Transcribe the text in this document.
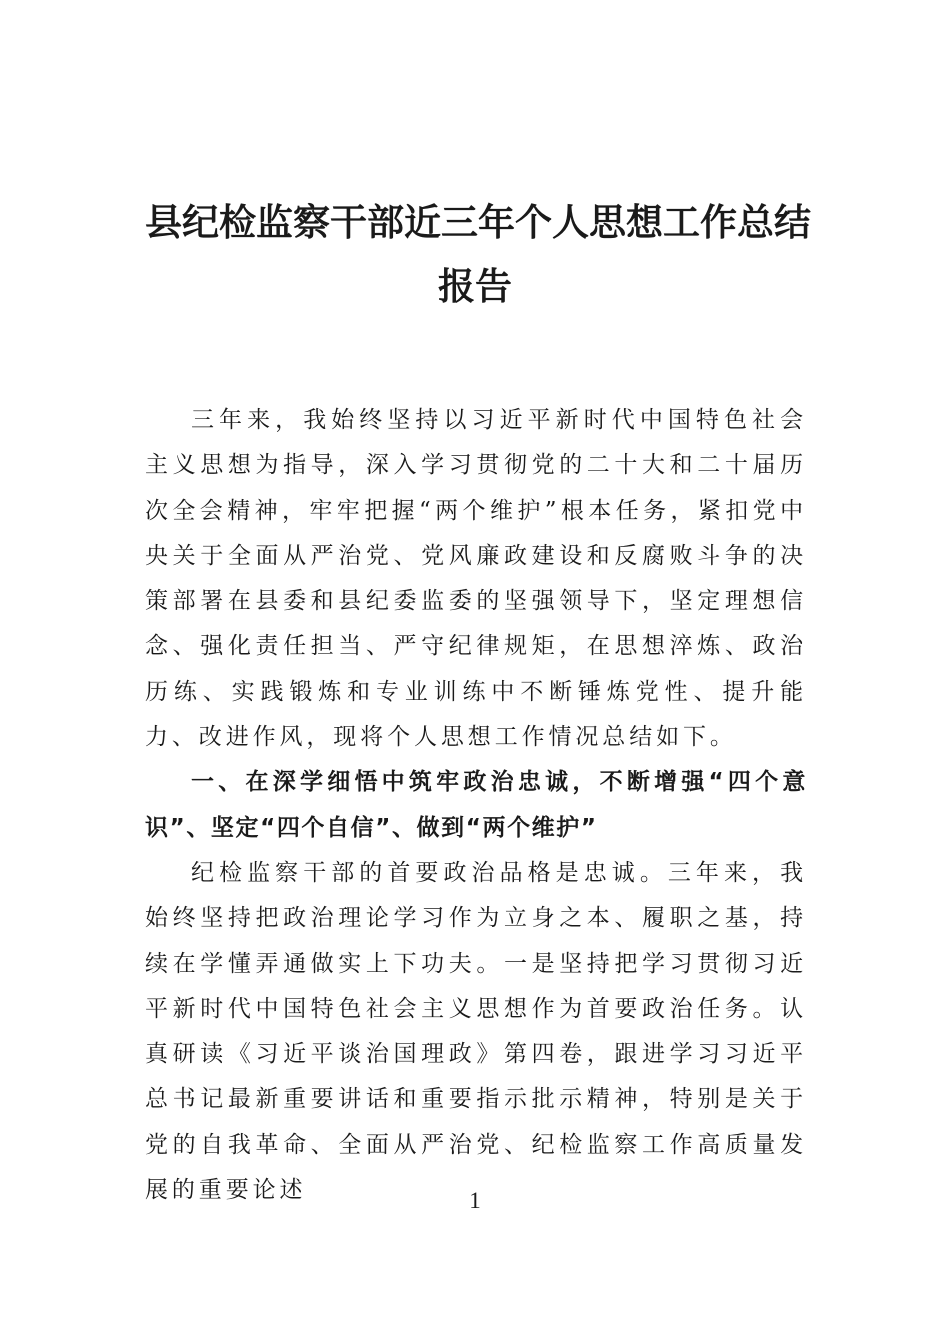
县纪检监察干部近三年个人思想工作总结
报告

三年来，我始终坚持以习近平新时代中国特色社会主义思想为指导，深入学习贯彻党的二十大和二十届历次全会精神，牢牢把握“两个维护”根本任务，紧扣党中央关于全面从严治党、党风廉政建设和反腐败斗争的决策部署在县委和县纪委监委的坚强领导下，坚定理想信念、强化责任担当、严守纪律规矩，在思想淬炼、政治历练、实践锻炼和专业训练中不断锤炼党性、提升能力、改进作风，现将个人思想工作情况总结如下。

一、在深学细悟中筑牢政治忠诚，不断增强“四个意识”、坚定“四个自信”、做到“两个维护”

纪检监察干部的首要政治品格是忠诚。三年来，我始终坚持把政治理论学习作为立身之本、履职之基，持续在学懂弄通做实上下功夫。一是坚持把学习贯彻习近平新时代中国特色社会主义思想作为首要政治任务。认真研读《习近平谈治国理政》第四卷，跟进学习习近平总书记最新重要讲话和重要指示批示精神，特别是关于党的自我革命、全面从严治党、纪检监察工作高质量发展的重要论述	1
